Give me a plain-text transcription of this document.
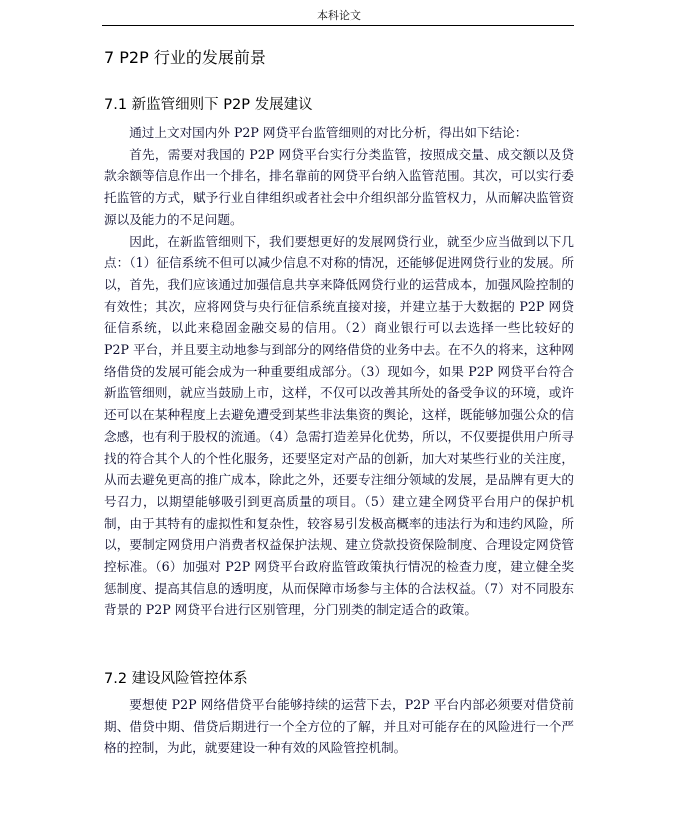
本科论文
7 P2P 行业的发展前景
7.1 新监管细则下 P2P 发展建议

通过上文对国内外 P2P 网贷平台监管细则的对比分析，得出如下结论：

首先，需要对我国的 P2P 网贷平台实行分类监管，按照成交量、成交额以及贷款余额等信息作出一个排名，排名靠前的网贷平台纳入监管范围。其次，可以实行委托监管的方式，赋予行业自律组织或者社会中介组织部分监管权力，从而解决监管资源以及能力的不足问题。

因此，在新监管细则下，我们要想更好的发展网贷行业，就至少应当做到以下几点：（1）征信系统不但可以减少信息不对称的情况，还能够促进网贷行业的发展。所以，首先，我们应该通过加强信息共享来降低网贷行业的运营成本，加强风险控制的有效性；其次，应将网贷与央行征信系统直接对接，并建立基于大数据的 P2P 网贷征信系统，以此来稳固金融交易的信用。（2）商业银行可以去选择一些比较好的 P2P 平台，并且要主动地参与到部分的网络借贷的业务中去。在不久的将来，这种网络借贷的发展可能会成为一种重要组成部分。（3）现如今，如果 P2P 网贷平台符合新监管细则，就应当鼓励上市，这样，不仅可以改善其所处的备受争议的环境，或许还可以在某种程度上去避免遭受到某些非法集资的舆论，这样，既能够加强公众的信念感，也有利于股权的流通。（4）急需打造差异化优势，所以，不仅要提供用户所寻找的符合其个人的个性化服务，还要坚定对产品的创新，加大对某些行业的关注度，从而去避免更高的推广成本，除此之外，还要专注细分领域的发展，是品牌有更大的号召力，以期望能够吸引到更高质量的项目。（5）建立建全网贷平台用户的保护机制，由于其特有的虚拟性和复杂性，较容易引发极高概率的违法行为和违约风险，所以，要制定网贷用户消费者权益保护法规、建立贷款投资保险制度、合理设定网贷管控标准。（6）加强对 P2P 网贷平台政府监管政策执行情况的检查力度，建立健全奖惩制度、提高其信息的透明度，从而保障市场参与主体的合法权益。（7）对不同股东背景的 P2P 网贷平台进行区别管理，分门别类的制定适合的政策。

7.2 建设风险管控体系

要想使 P2P 网络借贷平台能够持续的运营下去，P2P 平台内部必须要对借贷前期、借贷中期、借贷后期进行一个全方位的了解，并且对可能存在的风险进行一个严格的控制，为此，就要建设一种有效的风险管控机制。
